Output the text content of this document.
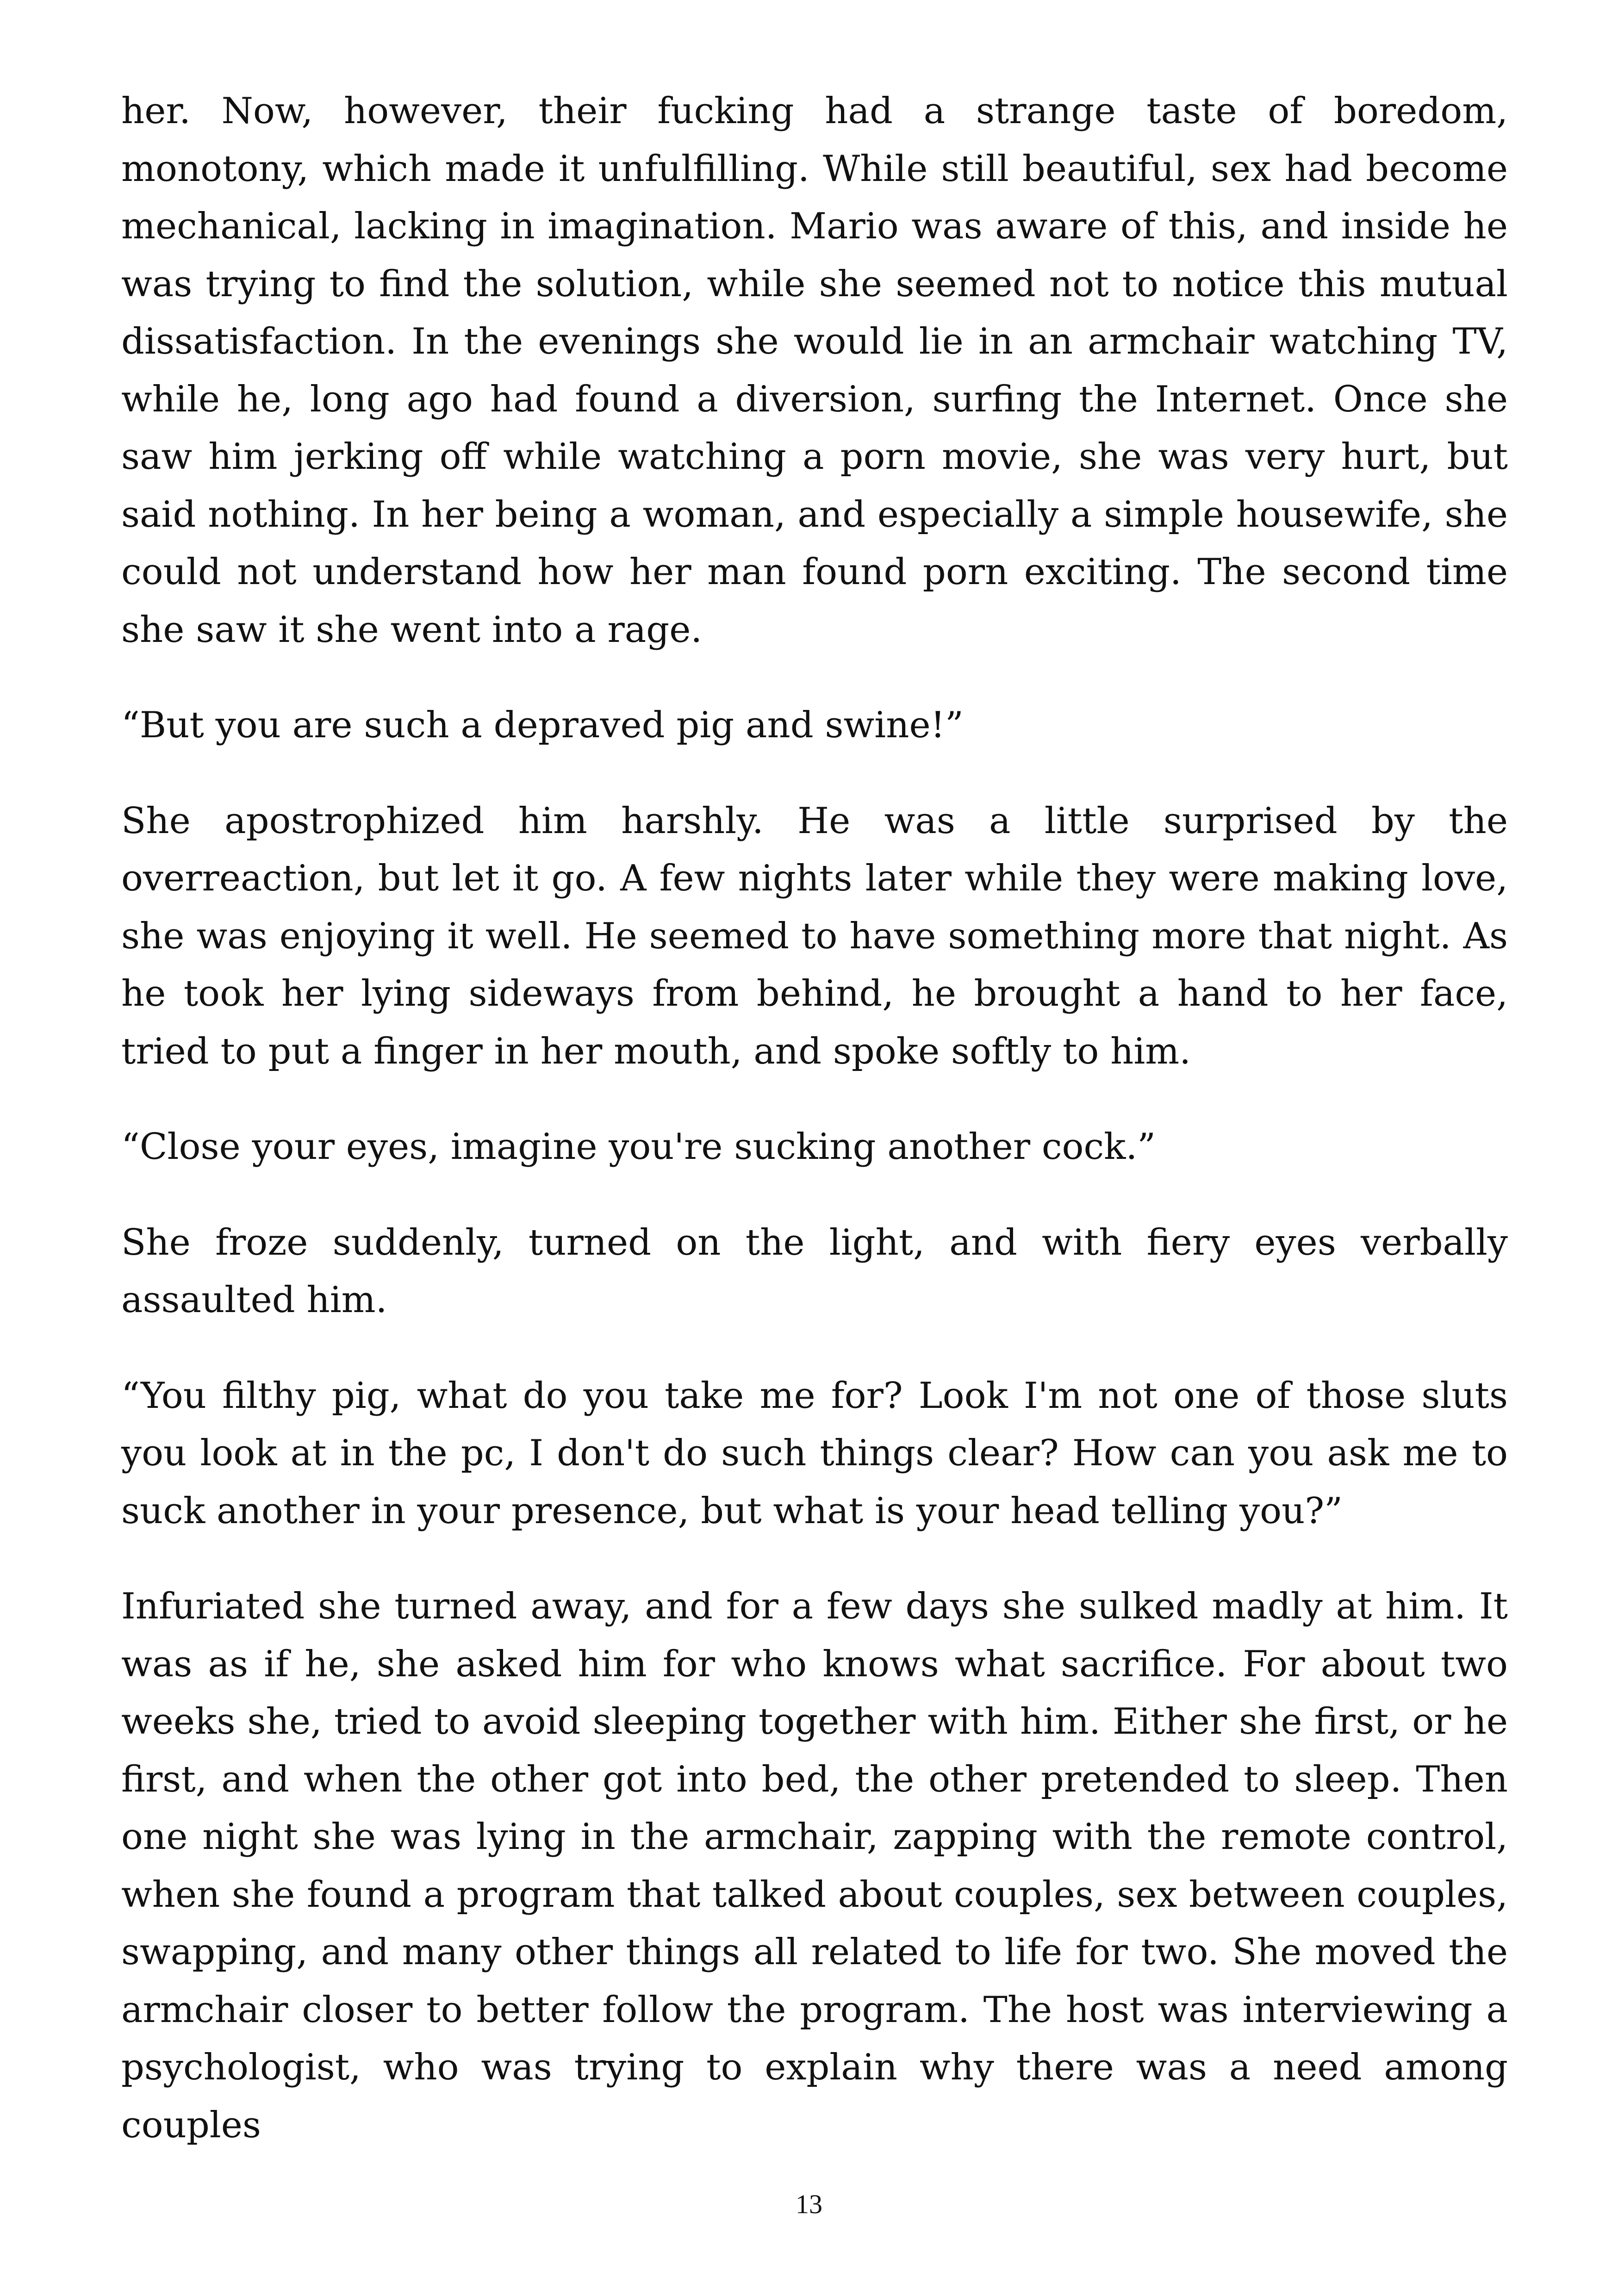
her. Now, however, their fucking had a strange taste of boredom, monotony, which made it unfulfilling. While still beautiful, sex had become mechanical, lacking in imagination. Mario was aware of this, and inside he was trying to find the solution, while she seemed not to notice this mutual dissatisfaction. In the evenings she would lie in an armchair watching TV, while he, long ago had found a diversion, surfing the Internet. Once she saw him jerking off while watching a porn movie, she was very hurt, but said nothing. In her being a woman, and especially a simple housewife, she could not understand how her man found porn exciting. The second time she saw it she went into a rage.

“But you are such a depraved pig and swine!”

She apostrophized him harshly. He was a little surprised by the overreaction, but let it go. A few nights later while they were making love, she was enjoying it well. He seemed to have something more that night. As he took her lying sideways from behind, he brought a hand to her face, tried to put a finger in her mouth, and spoke softly to him.

“Close your eyes, imagine you're sucking another cock.”

She froze suddenly, turned on the light, and with fiery eyes verbally assaulted him.

“You filthy pig, what do you take me for? Look I'm not one of those sluts you look at in the pc, I don't do such things clear? How can you ask me to suck another in your presence, but what is your head telling you?”

Infuriated she turned away, and for a few days she sulked madly at him. It was as if he, she asked him for who knows what sacrifice. For about two weeks she, tried to avoid sleeping together with him. Either she first, or he first, and when the other got into bed, the other pretended to sleep. Then one night she was lying in the armchair, zapping with the remote control, when she found a program that talked about couples, sex between couples, swapping, and many other things all related to life for two. She moved the armchair closer to better follow the program. The host was interviewing a psychologist, who was trying to explain why there was a need among couples

13
